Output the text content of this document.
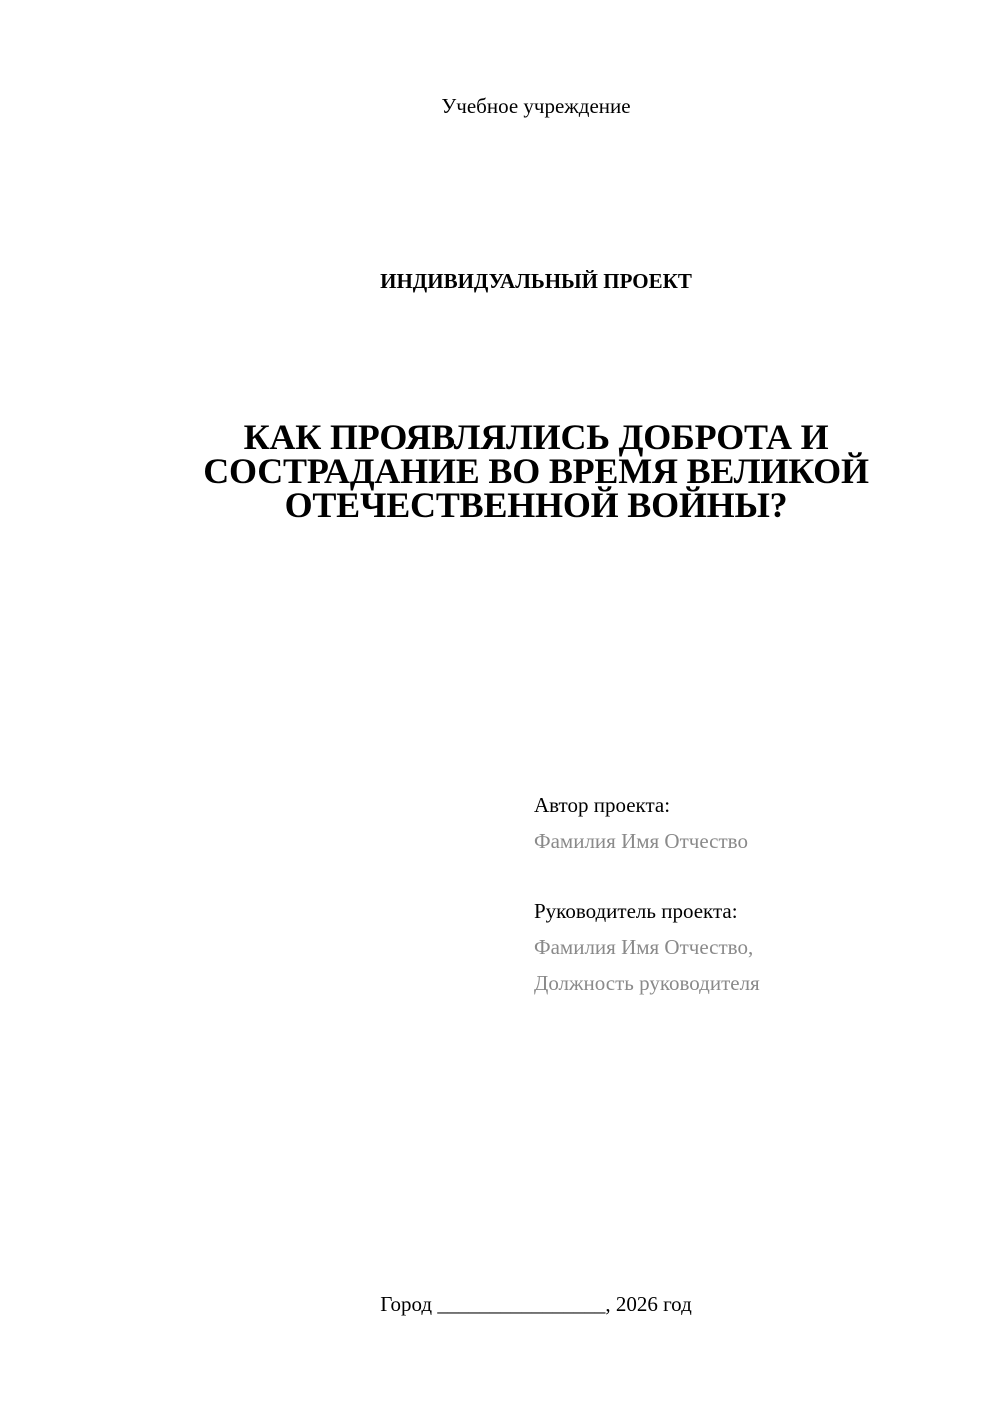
Учебное учреждение
ИНДИВИДУАЛЬНЫЙ ПРОЕКТ
КАК ПРОЯВЛЯЛИСЬ ДОБРОТА И
СОСТРАДАНИЕ ВО ВРЕМЯ ВЕЛИКОЙ
ОТЕЧЕСТВЕННОЙ ВОЙНЫ?
Автор проекта:
Фамилия Имя Отчество
Руководитель проекта:
Фамилия Имя Отчество,
Должность руководителя
Город ________________, 2026 год
